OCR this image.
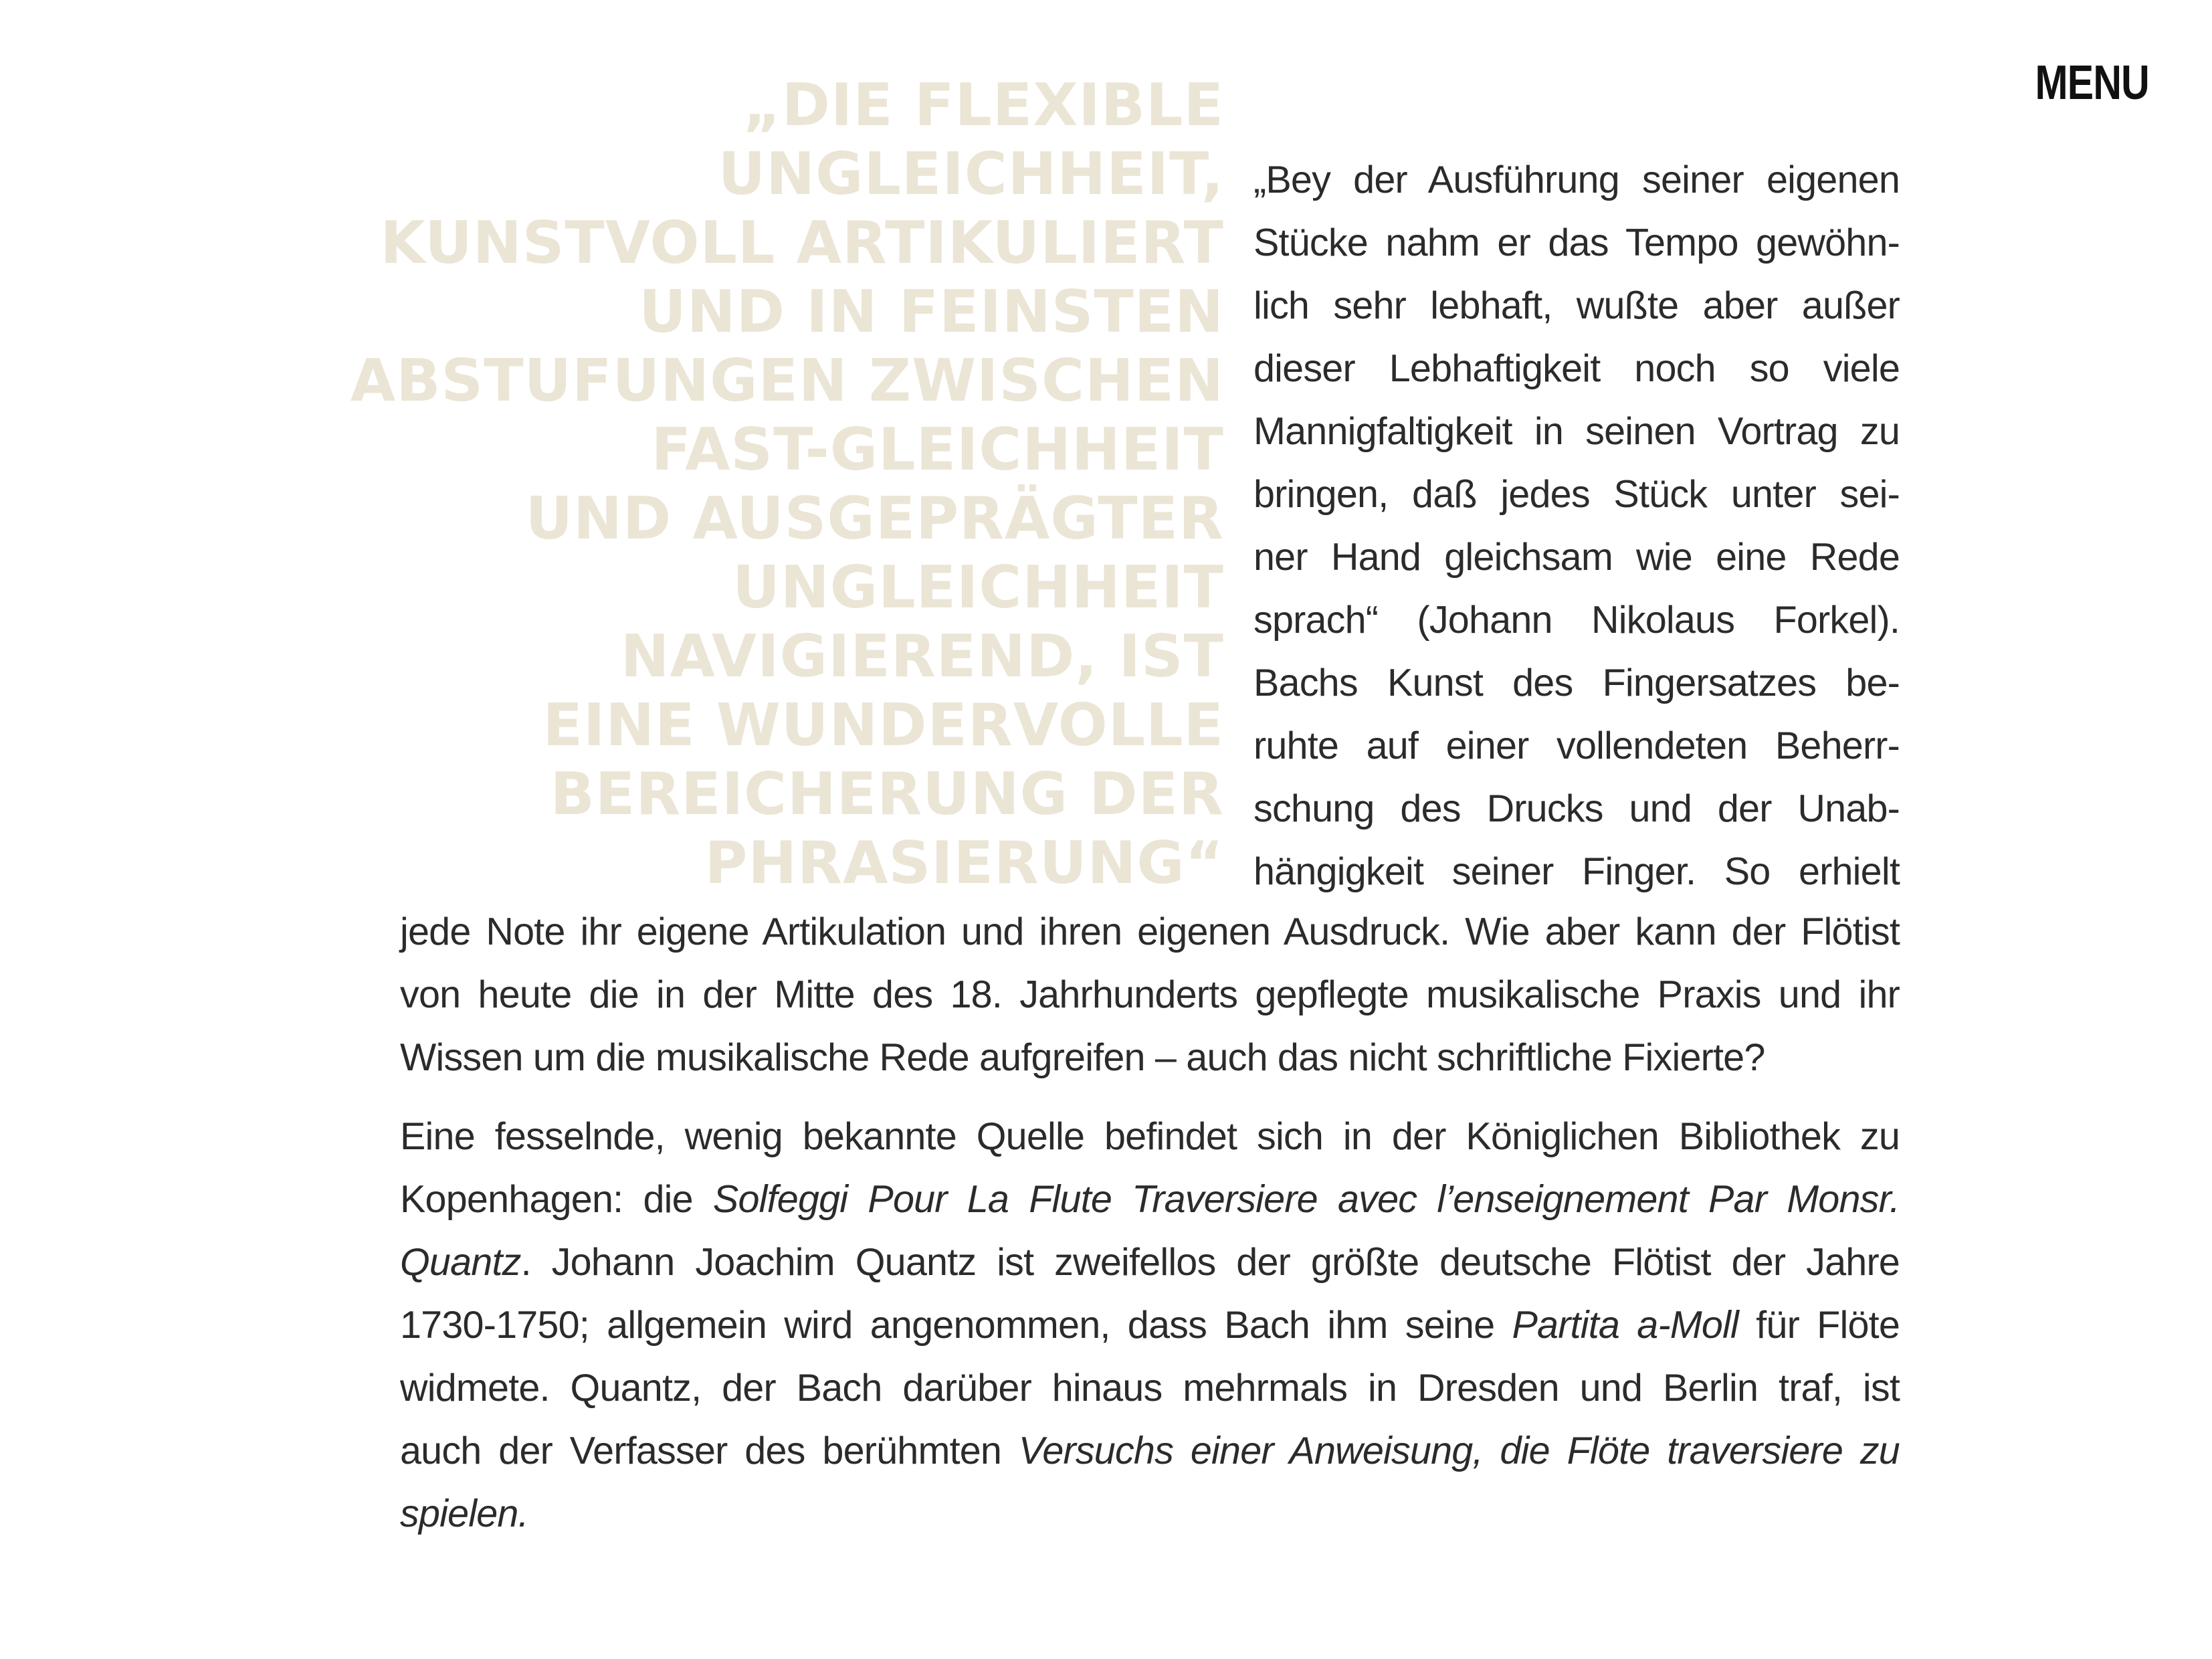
MENU
„DIE FLEXIBLE
UNGLEICHHEIT,
KUNSTVOLL ARTIKULIERT
UND IN FEINSTEN
ABSTUFUNGEN ZWISCHEN
FAST-GLEICHHEIT
UND AUSGEPRÄGTER
UNGLEICHHEIT
NAVIGIEREND, IST
EINE WUNDERVOLLE
BEREICHERUNG DER
PHRASIERUNG“
„Bey der Ausführung seiner eigenen
Stücke nahm er das Tempo gewöhn-
lich sehr lebhaft, wußte aber außer
dieser Lebhaftigkeit noch so viele
Mannigfaltigkeit in seinen Vortrag zu
bringen, daß jedes Stück unter sei-
ner Hand gleichsam wie eine Rede
sprach“ (Johann Nikolaus Forkel).
Bachs Kunst des Fingersatzes be-
ruhte auf einer vollendeten Beherr-
schung des Drucks und der Unab-
hängigkeit seiner Finger. So erhielt
jede Note ihr eigene Artikulation und ihren eigenen Ausdruck. Wie aber kann der Flötist
von heute die in der Mitte des 18. Jahrhunderts gepflegte musikalische Praxis und ihr
Wissen um die musikalische Rede aufgreifen – auch das nicht schriftliche Fixierte?
Eine fesselnde, wenig bekannte Quelle befindet sich in der Königlichen Bibliothek zu
Kopenhagen: die Solfeggi Pour La Flute Traversiere avec l’enseignement Par Monsr.
Quantz. Johann Joachim Quantz ist zweifellos der größte deutsche Flötist der Jahre
1730-1750; allgemein wird angenommen, dass Bach ihm seine Partita a-Moll für Flöte
widmete. Quantz, der Bach darüber hinaus mehrmals in Dresden und Berlin traf, ist
auch der Verfasser des berühmten Versuchs einer Anweisung, die Flöte traversiere zu
spielen.
